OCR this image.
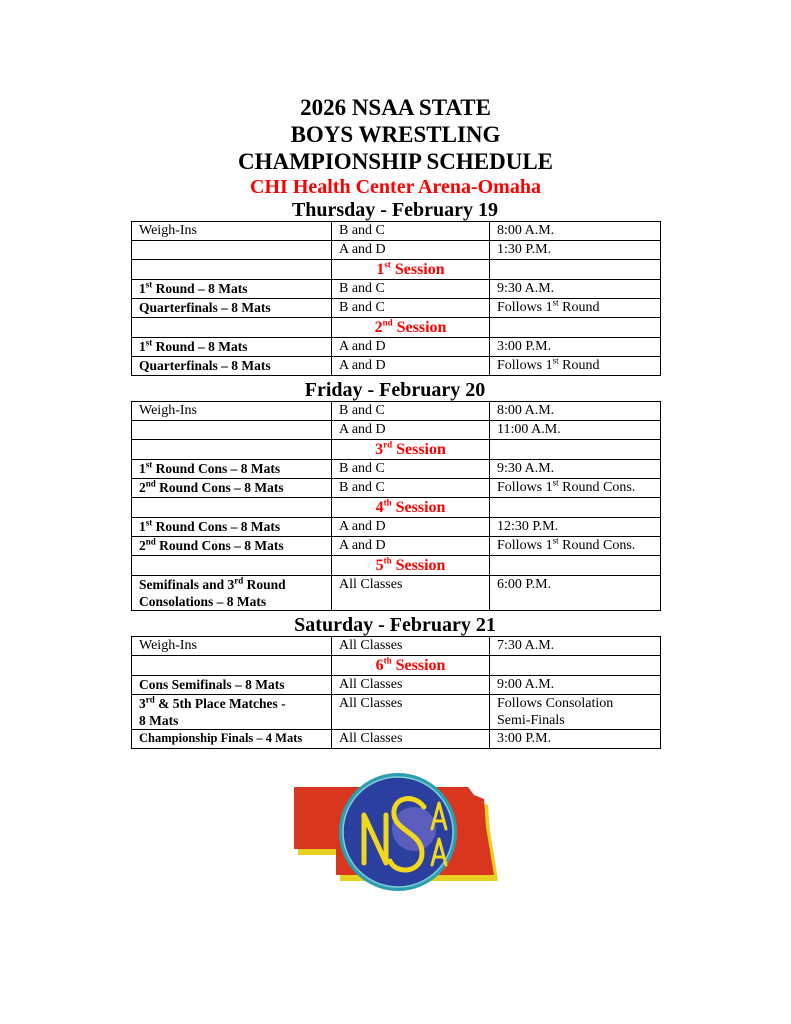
2026 NSAA STATE
BOYS WRESTLING
CHAMPIONSHIP SCHEDULE
CHI Health Center Arena-Omaha
Thursday - February 19
Weigh-Ins	B and C	8:00 A.M.
	A and D	1:30 P.M.
	1st Session	
1st Round – 8 Mats	B and C	9:30 A.M.
Quarterfinals – 8 Mats	B and C	Follows 1st Round
	2nd Session	
1st Round – 8 Mats	A and D	3:00 P.M.
Quarterfinals – 8 Mats	A and D	Follows 1st Round
Friday - February 20
Weigh-Ins	B and C	8:00 A.M.
	A and D	11:00 A.M.
	3rd Session	
1st Round Cons – 8 Mats	B and C	9:30 A.M.
2nd Round Cons – 8 Mats	B and C	Follows 1st Round Cons.
	4th Session	
1st Round Cons – 8 Mats	A and D	12:30 P.M.
2nd Round Cons – 8 Mats	A and D	Follows 1st Round Cons.
	5th Session	
Semifinals and 3rd Round
Consolations – 8 Mats	All Classes	6:00 P.M.
Saturday - February 21
Weigh-Ins	All Classes	7:30 A.M.
	6th Session	
Cons Semifinals – 8 Mats	All Classes	9:00 A.M.
3rd & 5th Place Matches -
8 Mats	All Classes	Follows Consolation
Semi-Finals
Championship Finals – 4 Mats	All Classes	3:00 P.M.
